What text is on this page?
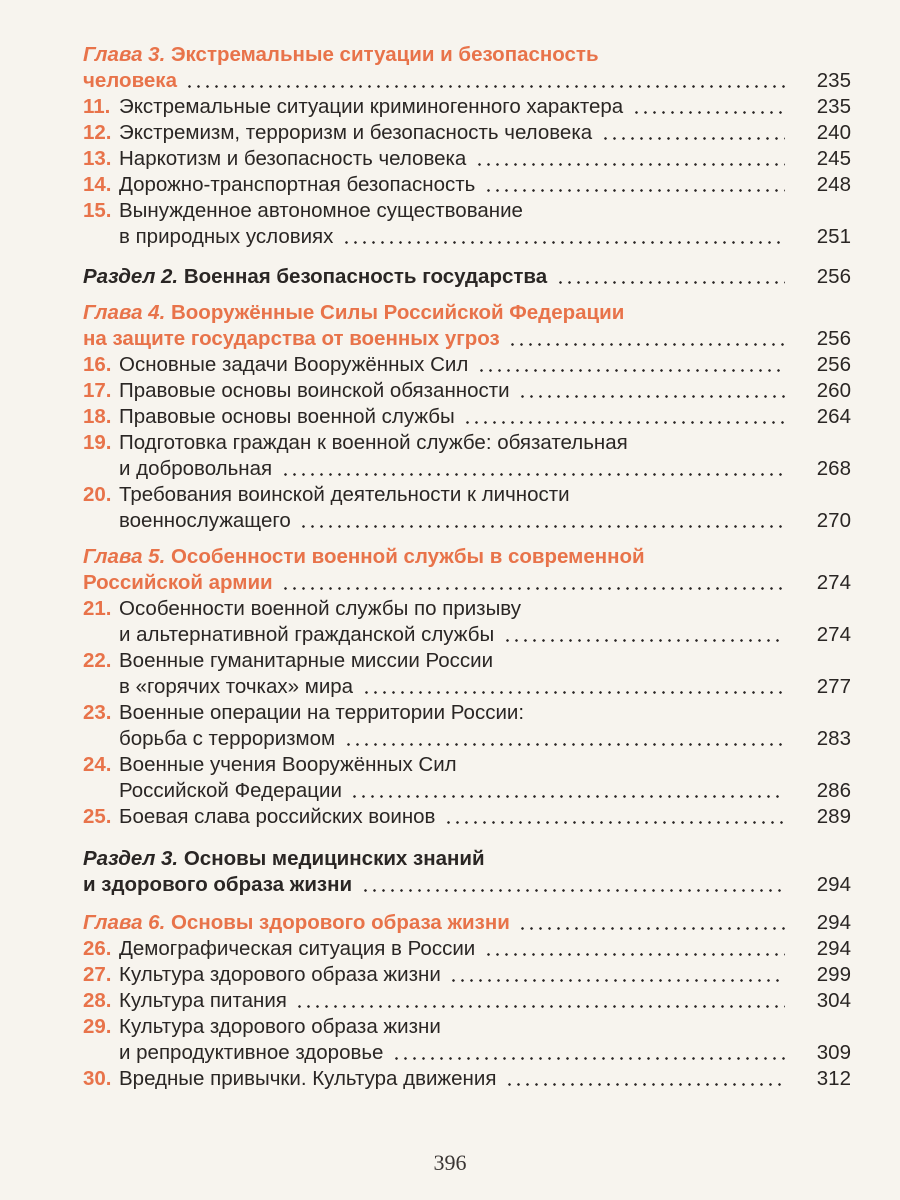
Глава 3. Экстремальные ситуации и безопасность
человека	235
11. Экстремальные ситуации криминогенного характера	235
12. Экстремизм, терроризм и безопасность человека	240
13. Наркотизм и безопасность человека	245
14. Дорожно-транспортная безопасность	248
15. Вынужденное автономное существование
в природных условиях	251
Раздел 2. Военная безопасность государства	256
Глава 4. Вооружённые Силы Российской Федерации
на защите государства от военных угроз	256
16. Основные задачи Вооружённых Сил	256
17. Правовые основы воинской обязанности	260
18. Правовые основы военной службы	264
19. Подготовка граждан к военной службе: обязательная
и добровольная	268
20. Требования воинской деятельности к личности
военнослужащего	270
Глава 5. Особенности военной службы в современной
Российской армии	274
21. Особенности военной службы по призыву
и альтернативной гражданской службы	274
22. Военные гуманитарные миссии России
в «горячих точках» мира	277
23. Военные операции на территории России:
борьба с терроризмом	283
24. Военные учения Вооружённых Сил
Российской Федерации	286
25. Боевая слава российских воинов	289
Раздел 3. Основы медицинских знаний
и здорового образа жизни	294
Глава 6. Основы здорового образа жизни	294
26. Демографическая ситуация в России	294
27. Культура здорового образа жизни	299
28. Культура питания	304
29. Культура здорового образа жизни
и репродуктивное здоровье	309
30. Вредные привычки. Культура движения	312
396
